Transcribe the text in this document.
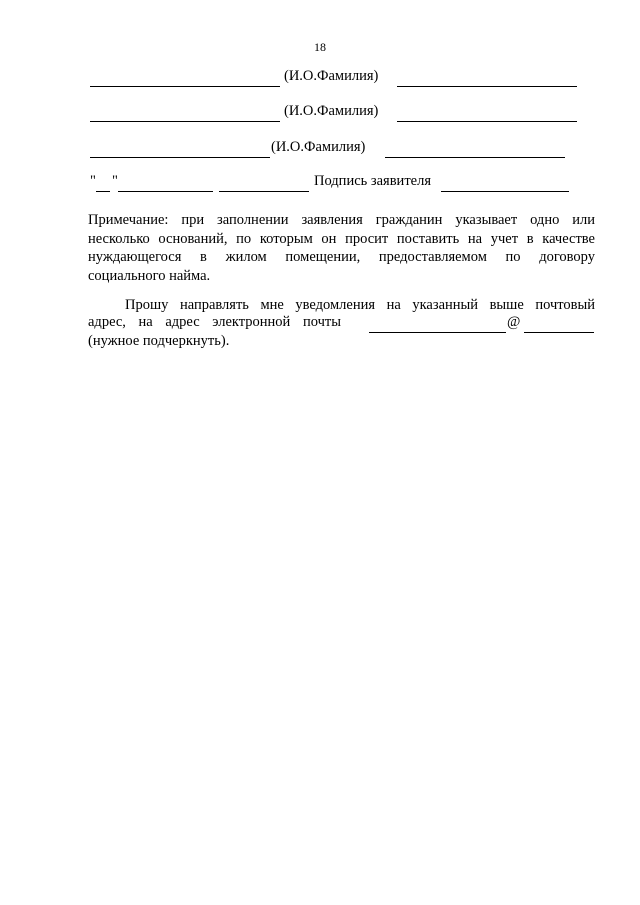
18
(И.О.Фамилия)
(И.О.Фамилия)
(И.О.Фамилия)
" "	Подпись заявителя
Примечание: при заполнении заявления гражданин указывает одно или
несколько оснований, по которым он просит поставить на учет в качестве
нуждающегося в жилом помещении, предоставляемом по договору
социального найма.
Прошу направлять мне уведомления на указанный выше почтовый
адрес, на адрес электронной почты	@
(нужное подчеркнуть).
